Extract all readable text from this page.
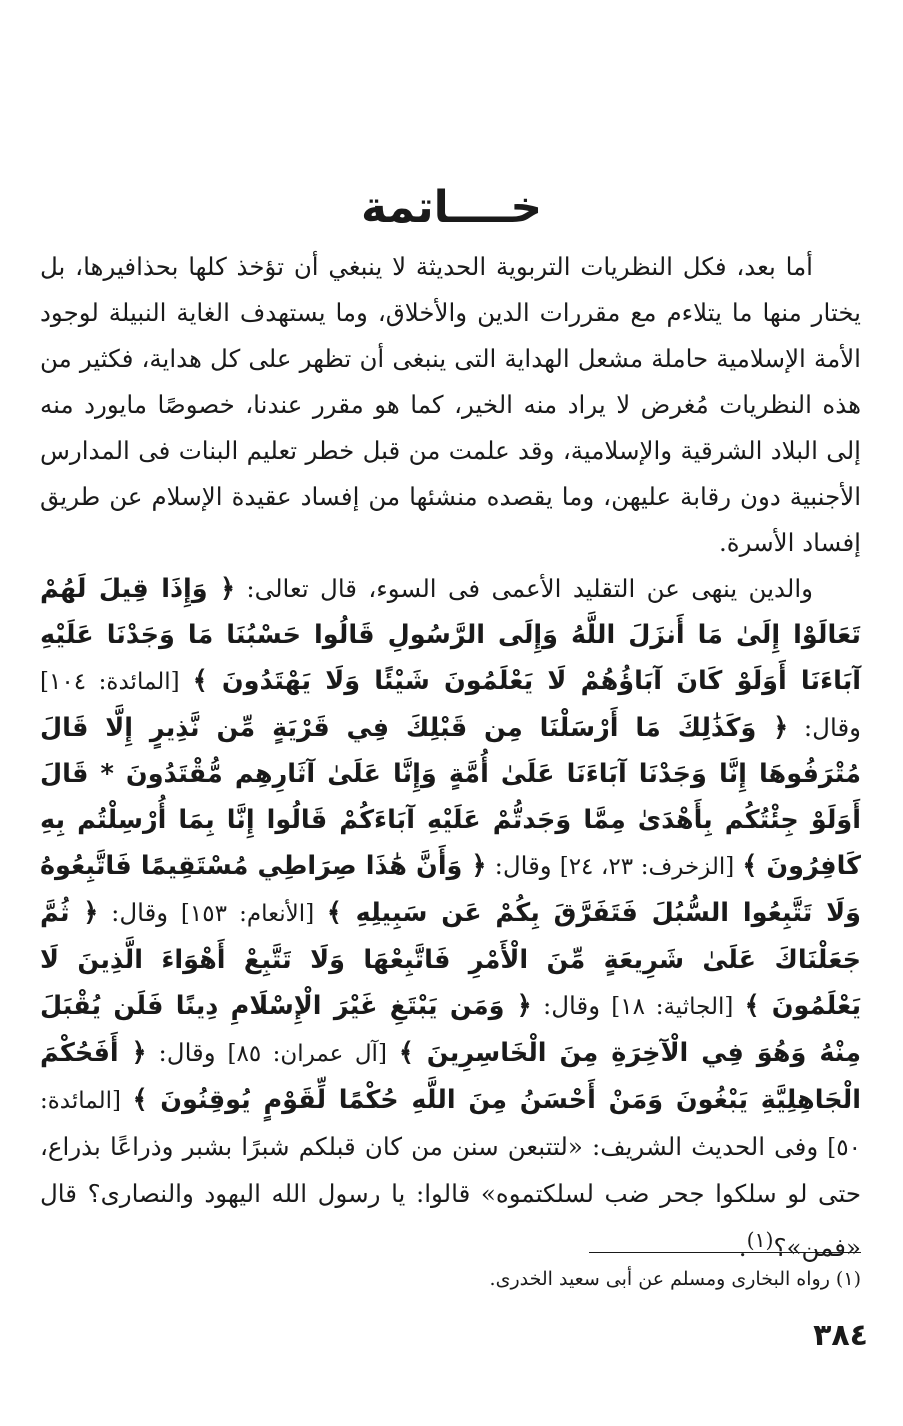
خــــاتمة

أما بعد، فكل النظريات التربوية الحديثة لا ينبغي أن تؤخذ كلها بحذافيرها، بل يختار منها ما يتلاءم مع مقررات الدين والأخلاق، وما يستهدف الغاية النبيلة لوجود الأمة الإسلامية حاملة مشعل الهداية التى ينبغى أن تظهر على كل هداية، فكثير من هذه النظريات مُغرض لا يراد منه الخير، كما هو مقرر عندنا، خصوصًا مايورد منه إلى البلاد الشرقية والإسلامية، وقد علمت من قبل خطر تعليم البنات فى المدارس الأجنبية دون رقابة عليهن، وما يقصده منشئها من إفساد عقيدة الإسلام عن طريق إفساد الأسرة.

والدين ينهى عن التقليد الأعمى فى السوء، قال تعالى: ﴿ وَإِذَا قِيلَ لَهُمْ تَعَالَوْا إِلَىٰ مَا أَنزَلَ اللَّهُ وَإِلَى الرَّسُولِ قَالُوا حَسْبُنَا مَا وَجَدْنَا عَلَيْهِ آبَاءَنَا أَوَلَوْ كَانَ آبَاؤُهُمْ لَا يَعْلَمُونَ شَيْئًا وَلَا يَهْتَدُونَ ﴾ [المائدة: ١٠٤] وقال: ﴿ وَكَذَٰلِكَ مَا أَرْسَلْنَا مِن قَبْلِكَ فِي قَرْيَةٍ مِّن نَّذِيرٍ إِلَّا قَالَ مُتْرَفُوهَا إِنَّا وَجَدْنَا آبَاءَنَا عَلَىٰ أُمَّةٍ وَإِنَّا عَلَىٰ آثَارِهِم مُّقْتَدُونَ * قَالَ أَوَلَوْ جِئْتُكُم بِأَهْدَىٰ مِمَّا وَجَدتُّمْ عَلَيْهِ آبَاءَكُمْ قَالُوا إِنَّا بِمَا أُرْسِلْتُم بِهِ كَافِرُونَ ﴾ [الزخرف: ٢٣، ٢٤] وقال: ﴿ وَأَنَّ هَٰذَا صِرَاطِي مُسْتَقِيمًا فَاتَّبِعُوهُ وَلَا تَتَّبِعُوا السُّبُلَ فَتَفَرَّقَ بِكُمْ عَن سَبِيلِهِ ﴾ [الأنعام: ١٥٣] وقال: ﴿ ثُمَّ جَعَلْنَاكَ عَلَىٰ شَرِيعَةٍ مِّنَ الْأَمْرِ فَاتَّبِعْهَا وَلَا تَتَّبِعْ أَهْوَاءَ الَّذِينَ لَا يَعْلَمُونَ ﴾ [الجاثية: ١٨] وقال: ﴿ وَمَن يَبْتَغِ غَيْرَ الْإِسْلَامِ دِينًا فَلَن يُقْبَلَ مِنْهُ وَهُوَ فِي الْآخِرَةِ مِنَ الْخَاسِرِينَ ﴾ [آل عمران: ٨٥] وقال: ﴿ أَفَحُكْمَ الْجَاهِلِيَّةِ يَبْغُونَ وَمَنْ أَحْسَنُ مِنَ اللَّهِ حُكْمًا لِّقَوْمٍ يُوقِنُونَ ﴾ [المائدة: ٥٠] وفى الحديث الشريف: «لتتبعن سنن من كان قبلكم شبرًا بشبر وذراعًا بذراع، حتى لو سلكوا جحر ضب لسلكتموه» قالوا: يا رسول الله اليهود والنصارى؟ قال «فمن»؟$^{(١)}$.

(١) رواه البخارى ومسلم عن أبى سعيد الخدرى.
٣٨٤
